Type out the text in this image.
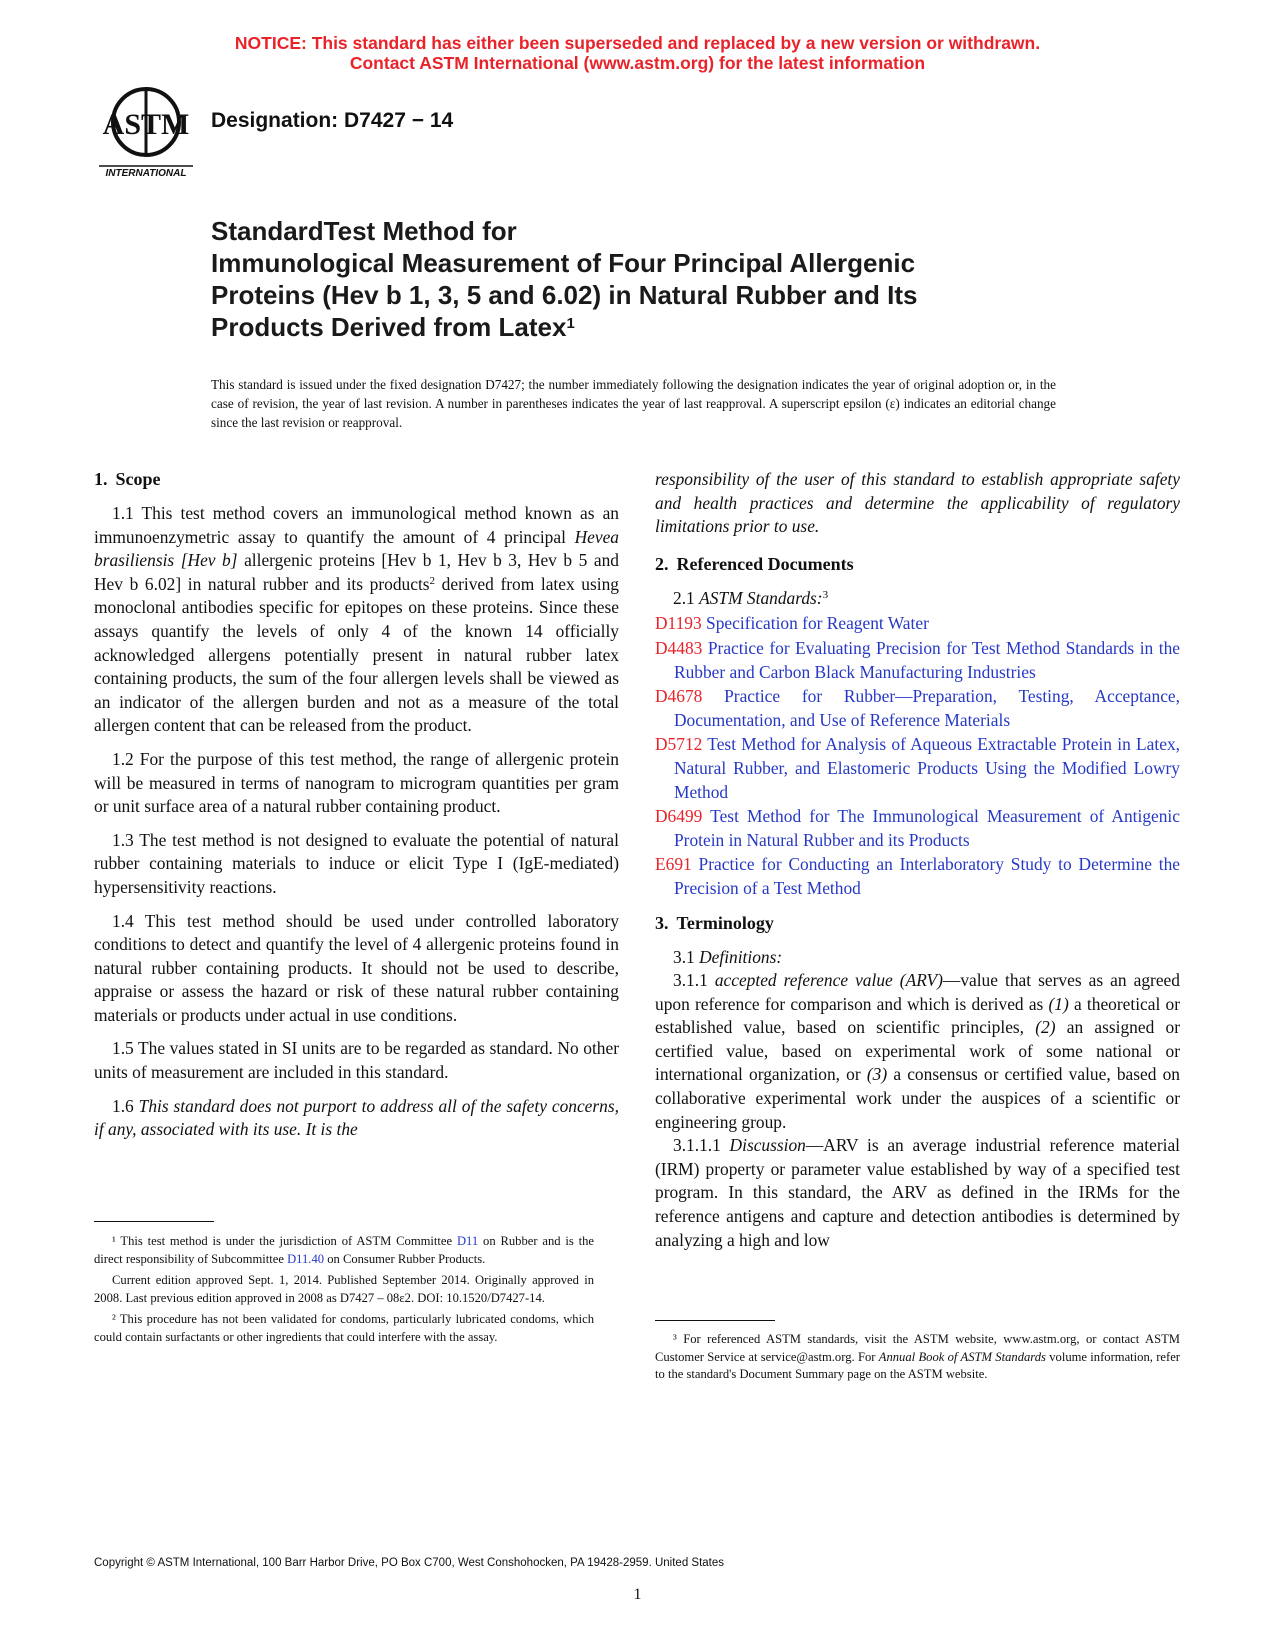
NOTICE: This standard has either been superseded and replaced by a new version or withdrawn.
Contact ASTM International (www.astm.org) for the latest information
ASTM
INTERNATIONAL
Designation: D7427 − 14
StandardTest Method for
Immunological Measurement of Four Principal Allergenic
Proteins (Hev b 1, 3, 5 and 6.02) in Natural Rubber and Its
Products Derived from Latex$^1$
This standard is issued under the fixed designation D7427; the number immediately following the designation indicates the year of original adoption or, in the case of revision, the year of last revision. A number in parentheses indicates the year of last reapproval. A superscript epsilon (ε) indicates an editorial change since the last revision or reapproval.
1. Scope

1.1 This test method covers an immunological method known as an immunoenzymetric assay to quantify the amount of 4 principal Hevea brasiliensis [Hev b] allergenic proteins [Hev b 1, Hev b 3, Hev b 5 and Hev b 6.02] in natural rubber and its products$^2$ derived from latex using monoclonal antibodies specific for epitopes on these proteins. Since these assays quantify the levels of only 4 of the known 14 officially acknowledged allergens potentially present in natural rubber latex containing products, the sum of the four allergen levels shall be viewed as an indicator of the allergen burden and not as a measure of the total allergen content that can be released from the product.

1.2 For the purpose of this test method, the range of allergenic protein will be measured in terms of nanogram to microgram quantities per gram or unit surface area of a natural rubber containing product.

1.3 The test method is not designed to evaluate the potential of natural rubber containing materials to induce or elicit Type I (IgE-mediated) hypersensitivity reactions.

1.4 This test method should be used under controlled laboratory conditions to detect and quantify the level of 4 allergenic proteins found in natural rubber containing products. It should not be used to describe, appraise or assess the hazard or risk of these natural rubber containing materials or products under actual in use conditions.

1.5 The values stated in SI units are to be regarded as standard. No other units of measurement are included in this standard.

1.6 This standard does not purport to address all of the safety concerns, if any, associated with its use. It is the

¹ This test method is under the jurisdiction of ASTM Committee D11 on Rubber and is the direct responsibility of Subcommittee D11.40 on Consumer Rubber Products.

Current edition approved Sept. 1, 2014. Published September 2014. Originally approved in 2008. Last previous edition approved in 2008 as D7427 – 08ε2. DOI: 10.1520/D7427-14.

² This procedure has not been validated for condoms, particularly lubricated condoms, which could contain surfactants or other ingredients that could interfere with the assay.

responsibility of the user of this standard to establish appropriate safety and health practices and determine the applicability of regulatory limitations prior to use.

2. Referenced Documents

2.1 ASTM Standards:$^3$

D1193 Specification for Reagent Water
D4483 Practice for Evaluating Precision for Test Method Standards in the Rubber and Carbon Black Manufacturing Industries
D4678 Practice for Rubber—Preparation, Testing, Acceptance, Documentation, and Use of Reference Materials
D5712 Test Method for Analysis of Aqueous Extractable Protein in Latex, Natural Rubber, and Elastomeric Products Using the Modified Lowry Method
D6499 Test Method for The Immunological Measurement of Antigenic Protein in Natural Rubber and its Products
E691 Practice for Conducting an Interlaboratory Study to Determine the Precision of a Test Method
3. Terminology

3.1 Definitions:

3.1.1 accepted reference value (ARV)—value that serves as an agreed upon reference for comparison and which is derived as (1) a theoretical or established value, based on scientific principles, (2) an assigned or certified value, based on experimental work of some national or international organization, or (3) a consensus or certified value, based on collaborative experimental work under the auspices of a scientific or engineering group.

3.1.1.1 Discussion—ARV is an average industrial reference material (IRM) property or parameter value established by way of a specified test program. In this standard, the ARV as defined in the IRMs for the reference antigens and capture and detection antibodies is determined by analyzing a high and low

³ For referenced ASTM standards, visit the ASTM website, www.astm.org, or contact ASTM Customer Service at service@astm.org. For Annual Book of ASTM Standards volume information, refer to the standard's Document Summary page on the ASTM website.

Copyright © ASTM International, 100 Barr Harbor Drive, PO Box C700, West Conshohocken, PA 19428-2959. United States
1
